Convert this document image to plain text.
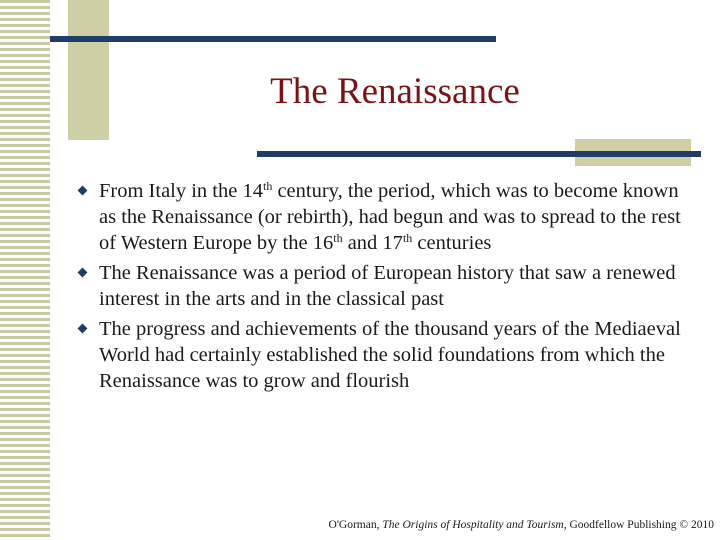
The Renaissance
From Italy in the 14th century, the period, which was to become known as the Renaissance (or rebirth), had begun and was to spread to the rest of Western Europe by the 16th and 17th centuries
The Renaissance was a period of European history that saw a renewed interest in the arts and in the classical past
The progress and achievements of the thousand years of the Mediaeval World had certainly established the solid foundations from which the Renaissance was to grow and flourish
O'Gorman, The Origins of Hospitality and Tourism, Goodfellow Publishing © 2010
